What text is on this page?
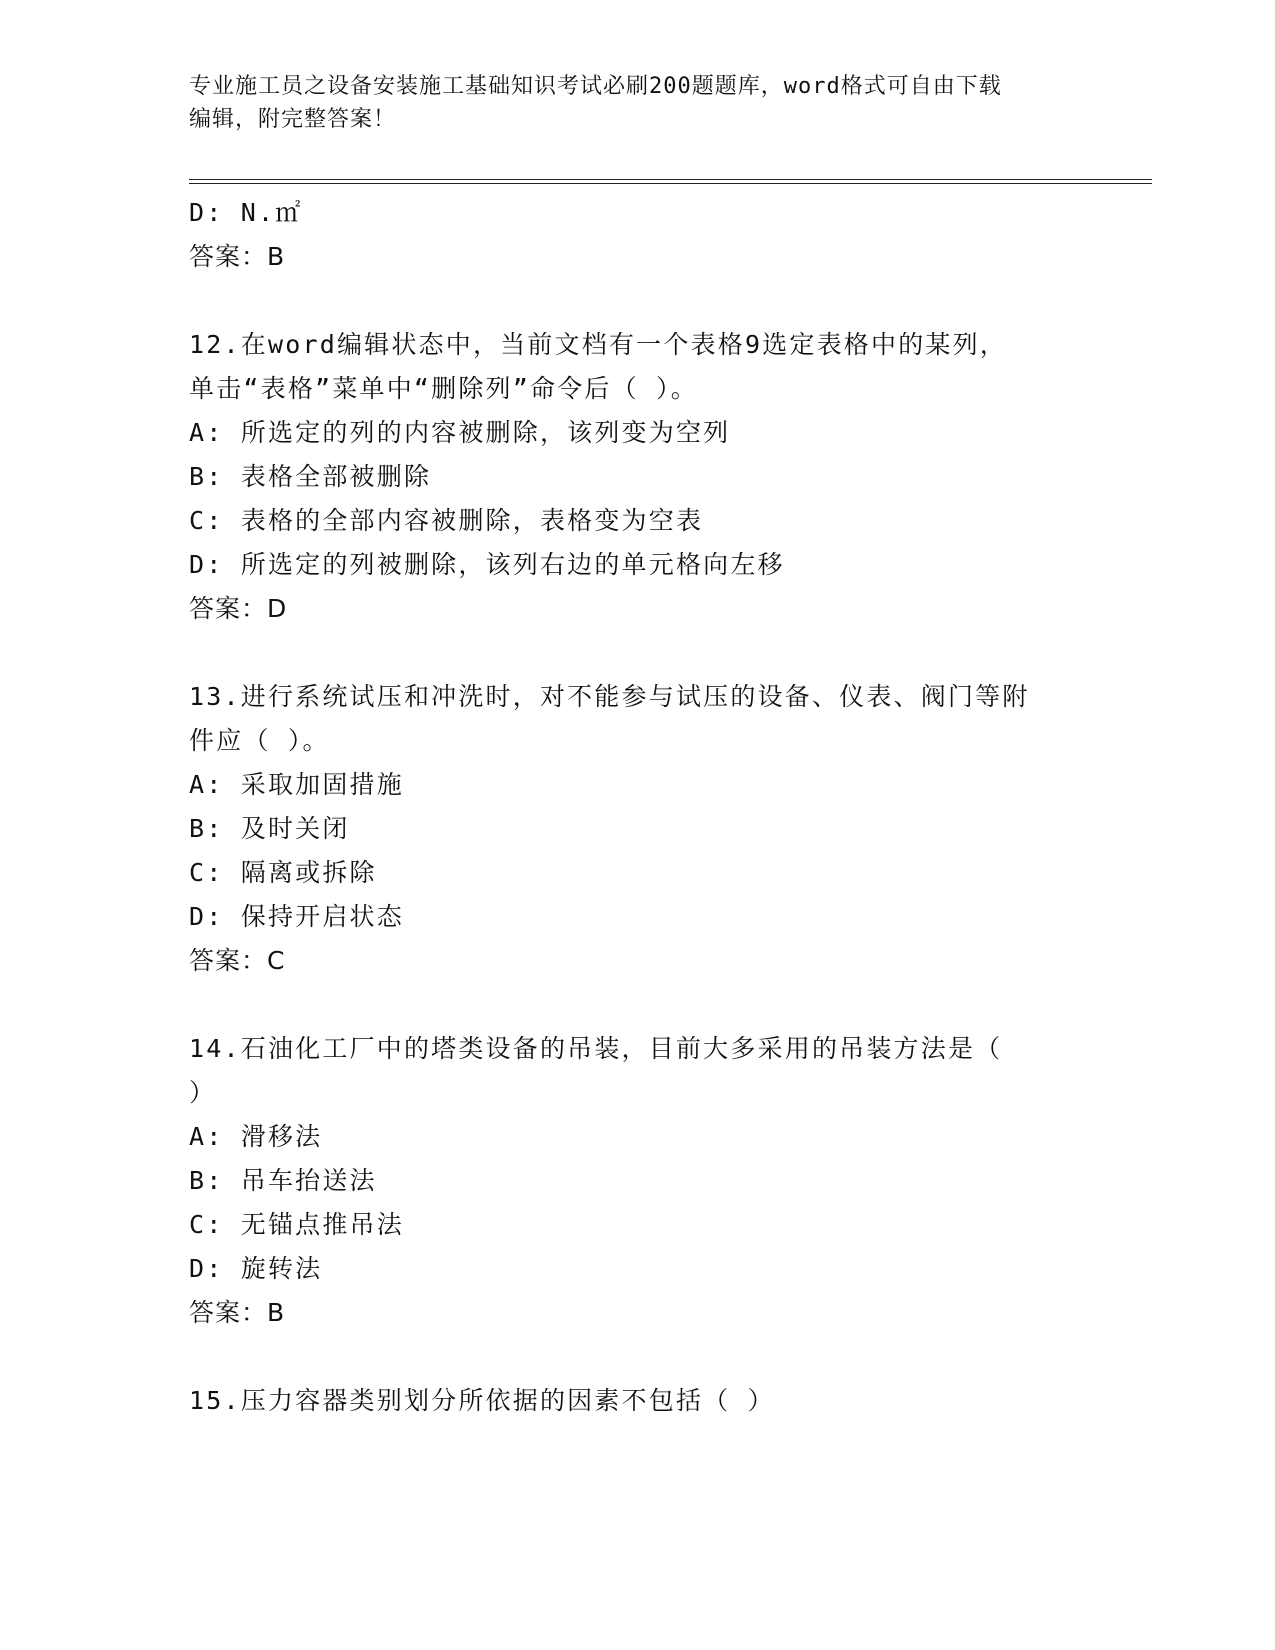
专业施工员之设备安装施工基础知识考试必刷200题题库，word格式可自由下载
编辑，附完整答案！
D: N.㎡
答案：B
12.在word编辑状态中，当前文档有一个表格9选定表格中的某列，
单击“表格”菜单中“删除列”命令后（ ）。
A: 所选定的列的内容被删除，该列变为空列
B: 表格全部被删除
C: 表格的全部内容被删除，表格变为空表
D: 所选定的列被删除，该列右边的单元格向左移
答案：D
13.进行系统试压和冲洗时，对不能参与试压的设备、仪表、阀门等附
件应（ ）。
A: 采取加固措施
B: 及时关闭
C: 隔离或拆除
D: 保持开启状态
答案：C
14.石油化工厂中的塔类设备的吊装，目前大多采用的吊装方法是（
）
A: 滑移法
B: 吊车抬送法
C: 无锚点推吊法
D: 旋转法
答案：B
15.压力容器类别划分所依据的因素不包括（ ）
